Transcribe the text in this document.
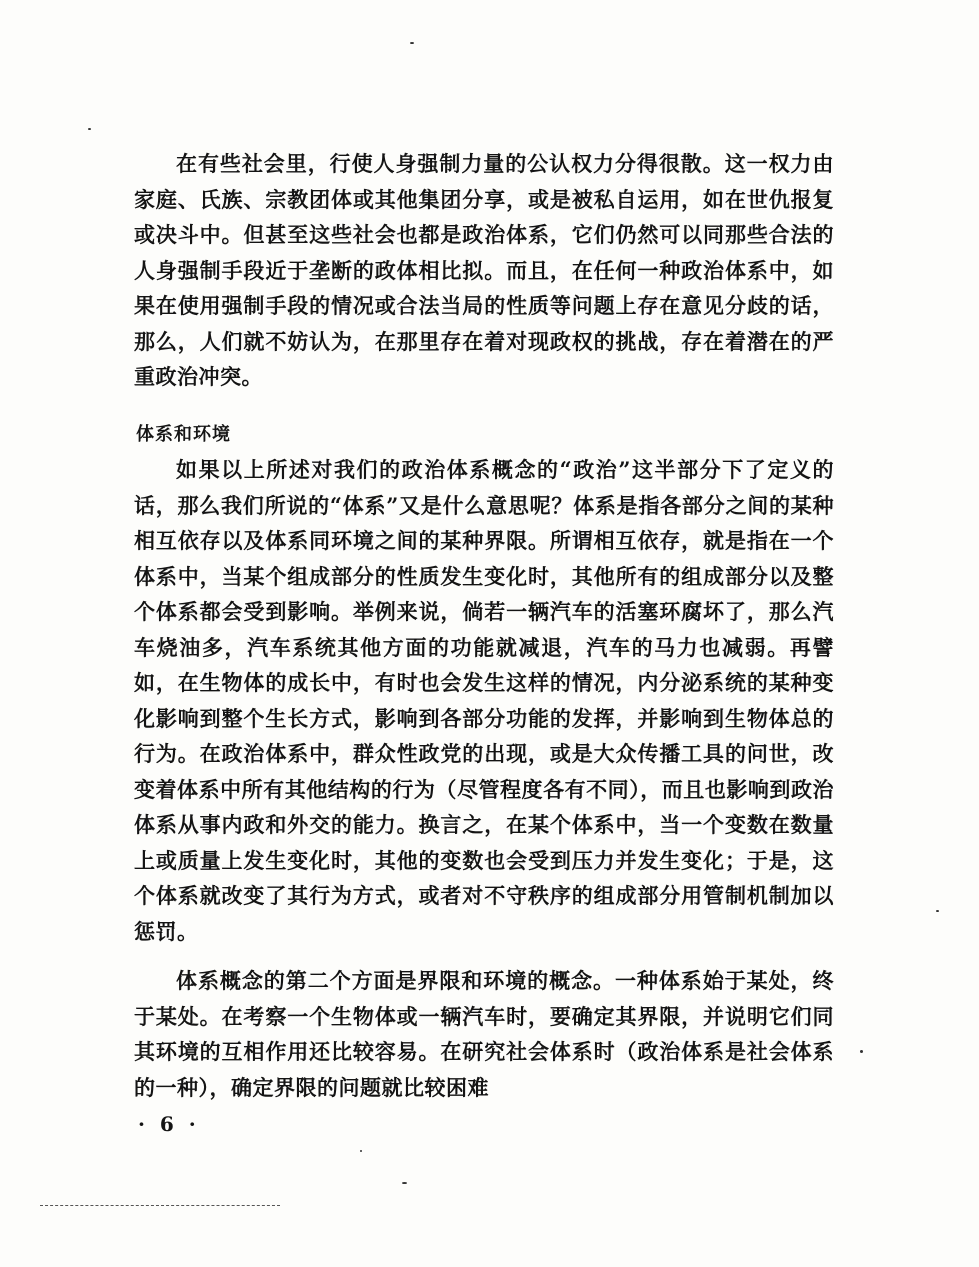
在有些社会里，行使人身强制力量的公认权力分得很散。这一权力由家庭、氏族、宗教团体或其他集团分享，或是被私自运用，如在世仇报复或决斗中。但甚至这些社会也都是政治体系，它们仍然可以同那些合法的人身强制手段近于垄断的政体相比拟。而且，在任何一种政治体系中，如果在使用强制手段的情况或合法当局的性质等问题上存在意见分歧的话，那么，人们就不妨认为，在那里存在着对现政权的挑战，存在着潜在的严重政治冲突。

体系和环境

如果以上所述对我们的政治体系概念的“政治”这半部分下了定义的话，那么我们所说的“体系”又是什么意思呢？体系是指各部分之间的某种相互依存以及体系同环境之间的某种界限。所谓相互依存，就是指在一个体系中，当某个组成部分的性质发生变化时，其他所有的组成部分以及整个体系都会受到影响。举例来说，倘若一辆汽车的活塞环腐坏了，那么汽车烧油多，汽车系统其他方面的功能就减退，汽车的马力也减弱。再譬如，在生物体的成长中，有时也会发生这样的情况，内分泌系统的某种变化影响到整个生长方式，影响到各部分功能的发挥，并影响到生物体总的行为。在政治体系中，群众性政党的出现，或是大众传播工具的问世，改变着体系中所有其他结构的行为（尽管程度各有不同），而且也影响到政治体系从事内政和外交的能力。换言之，在某个体系中，当一个变数在数量上或质量上发生变化时，其他的变数也会受到压力并发生变化；于是，这个体系就改变了其行为方式，或者对不守秩序的组成部分用管制机制加以惩罚。

体系概念的第二个方面是界限和环境的概念。一种体系始于某处，终于某处。在考察一个生物体或一辆汽车时，要确定其界限，并说明它们同其环境的互相作用还比较容易。在研究社会体系时（政治体系是社会体系的一种），确定界限的问题就比较困难

· 6 ·
